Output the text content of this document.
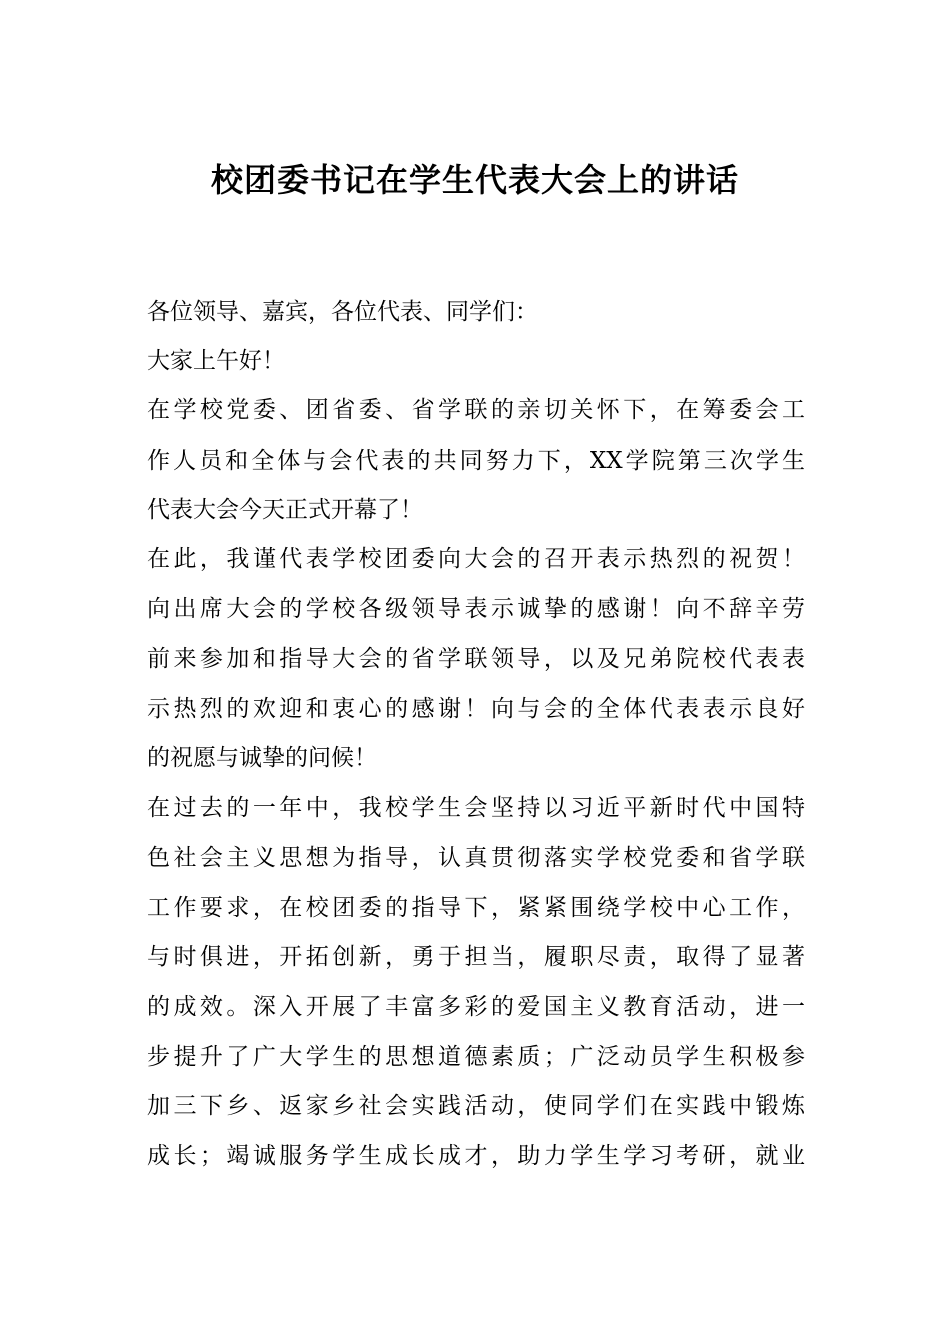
校团委书记在学生代表大会上的讲话
各位领导、嘉宾，各位代表、同学们：
大家上午好！
在学校党委、团省委、省学联的亲切关怀下，在筹委会工
作人员和全体与会代表的共同努力下，XX学院第三次学生
代表大会今天正式开幕了！
在此，我谨代表学校团委向大会的召开表示热烈的祝贺！
向出席大会的学校各级领导表示诚挚的感谢！向不辞辛劳
前来参加和指导大会的省学联领导，以及兄弟院校代表表
示热烈的欢迎和衷心的感谢！向与会的全体代表表示良好
的祝愿与诚挚的问候！
在过去的一年中，我校学生会坚持以习近平新时代中国特
色社会主义思想为指导，认真贯彻落实学校党委和省学联
工作要求，在校团委的指导下，紧紧围绕学校中心工作，
与时俱进，开拓创新，勇于担当，履职尽责，取得了显著
的成效。深入开展了丰富多彩的爱国主义教育活动，进一
步提升了广大学生的思想道德素质；广泛动员学生积极参
加三下乡、返家乡社会实践活动，使同学们在实践中锻炼
成长；竭诚服务学生成长成才，助力学生学习考研，就业
